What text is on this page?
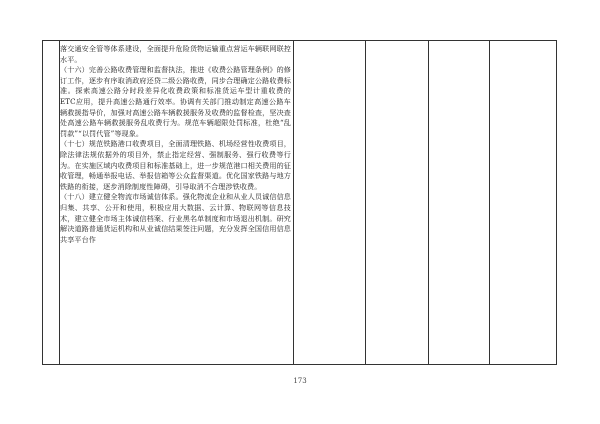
落交通安全管等体系建设，全面提升危险货物运输重点营运车辆联网联控水平。

（十六）完善公路收费管理和监督执法，推进《收费公路管理条例》的修订工作，逐步有序取消政府还贷二级公路收费，同步合理确定公路收费标准。探索高速公路分时段差异化收费政策和标准货运车型计重收费的ETC应用，提升高速公路通行效率。协调有关部门推动制定高速公路车辆救援指导价，加强对高速公路车辆救援服务及收费的监督检查，坚决查处高速公路车辆救援服务乱收费行为。规范车辆超限处罚标准，杜绝“乱罚款”“以罚代管”等现象。

（十七）规范铁路港口收费项目，全面清理铁路、机场经营性收费项目，除法律法规依据外的项目外，禁止指定经营、强制服务、强行收费等行为。在实施区域内收费项目和标准基础上，进一步规范港口相关费用的征收管理，畅通举报电话、举报信箱等公众监督渠道。优化国家铁路与地方铁路的衔接，逐步消除制度性障碍，引导取消不合理涉铁收费。

（十八）建立健全物流市场诚信体系。强化物流企业和从业人员诚信信息归集、共享、公开和使用，积极应用大数据、云计算、物联网等信息技术，建立健全市场主体诚信档案、行业黑名单制度和市场退出机制。研究解决道路普通货运机构和从业诚信结果签注问题，充分发挥全国信用信息共享平台作

173
